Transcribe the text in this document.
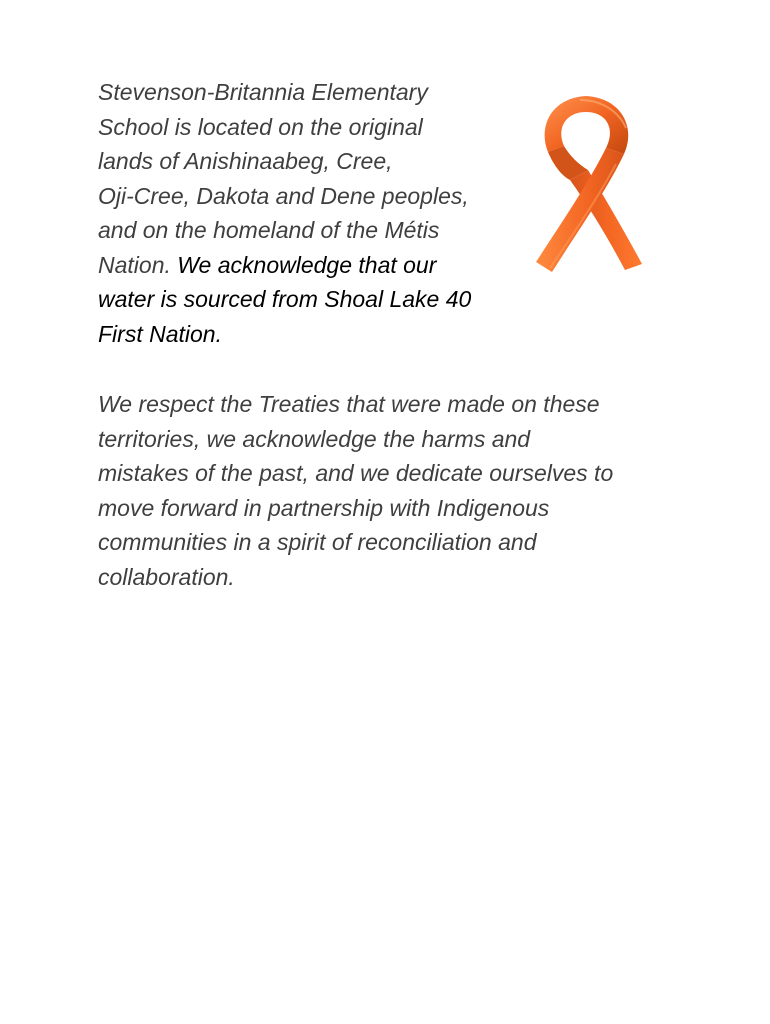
Stevenson-Britannia Elementary
School is located on the original
lands of Anishinaabeg, Cree,
Oji-Cree, Dakota and Dene peoples,
and on the homeland of the Métis
Nation. We acknowledge that our
water is sourced from Shoal Lake 40
First Nation.

We respect the Treaties that were made on these
territories, we acknowledge the harms and
mistakes of the past, and we dedicate ourselves to
move forward in partnership with Indigenous
communities in a spirit of reconciliation and
collaboration.
